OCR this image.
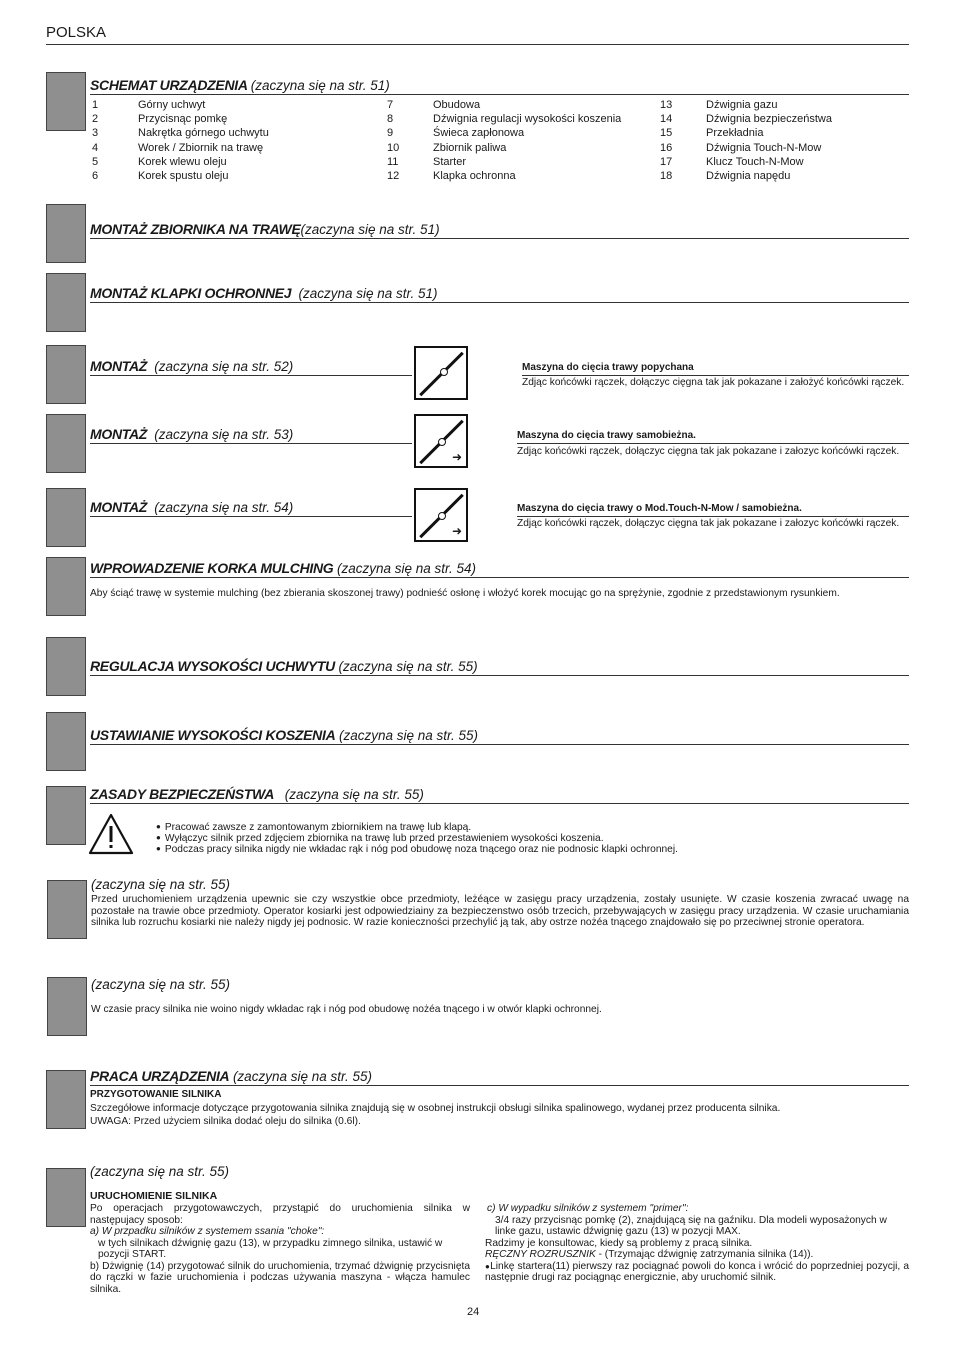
POLSKA
SCHEMAT URZĄDZENIA (zaczyna się na str. 51)
1	Górny uchwyt
2	Przycisnąc pomkę
3	Nakrętka górnego uchwytu
4	Worek / Zbiornik na trawę
5	Korek wlewu oleju
6	Korek spustu oleju
7	Obudowa
8	Dźwignia regulacji wysokości koszenia
9	Świeca zapłonowa
10	Zbiornik paliwa
11	Starter
12	Klapka ochronna
13	Dźwignia gazu
14	Dźwignia bezpieczeństwa
15	Przekładnia
16	Dźwignia Touch-N-Mow
17	Klucz Touch-N-Mow
18	Dźwignia napędu
MONTAŻ ZBIORNIKA NA TRAWĘ(zaczyna się na str. 51)
MONTAŻ KLAPKI OCHRONNEJ (zaczyna się na str. 51)
MONTAŻ (zaczyna się na str. 52)	Maszyna do cięcia trawy popychana
Zdjąc końcówki rączek, dołączyc cięgna tak jak pokazane i założyć końcówki rączek.
MONTAŻ (zaczyna się na str. 53)
➜
Maszyna do cięcia trawy samobieżna.
Zdjąc końcówki rączek, dołączyc cięgna tak jak pokazane i załozyc końcówki rączek.
MONTAŻ (zaczyna się na str. 54)
➜
Maszyna do cięcia trawy o Mod.Touch-N-Mow / samobieżna.
Zdjąc końcówki rączek, dołączyc cięgna tak jak pokazane i załozyc końcówki rączek.
WPROWADZENIE KORKA MULCHING (zaczyna się na str. 54)
Aby ściąć trawę w systemie mulching (bez zbierania skoszonej trawy) podnieść osłonę i włożyć korek mocując go na sprężynie, zgodnie z przedstawionym rysunkiem.
REGULACJA WYSOKOŚCI UCHWYTU (zaczyna się na str. 55)
USTAWIANIE WYSOKOŚCI KOSZENIA (zaczyna się na str. 55)
ZASADY BEZPIECZEŃSTWA (zaczyna się na str. 55)
● Pracować zawsze z zamontowanym zbiornikiem na trawę lub klapą.
● Wyłączyc silnik przed zdjęciem zbiornika na trawę lub przed przestawieniem wysokości koszenia.
● Podczas pracy silnika nigdy nie wkładac rąk i nóg pod obudowę noza tnącego oraz nie podnosic klapki ochronnej.
(zaczyna się na str. 55)
Przed uruchomieniem urządzenia upewnic sie czy wszystkie obce przedmioty, leżéące w zasięgu pracy urządzenia, zostały usunięte. W czasie koszenia zwracać uwagę na pozostałe na trawie obce przedmioty. Operator kosiarki jest odpowiedziainy za bezpieczenstwo osób trzecich, przebywających w zasięgu pracy urządzenia. W czasie uruchamiania silnika lub rozruchu kosiarki nie należy nigdy jej podnosic. W razie konieczności przechylić ją tak, aby ostrze nożéa tnącego znajdowało się po przeciwnej stronie operatora.
(zaczyna się na str. 55)
W czasie pracy silnika nie woino nigdy wkładac rąk i nóg pod obudowę nożéa tnącego i w otwór klapki ochronnej.
PRACA URZĄDZENIA (zaczyna się na str. 55)
PRZYGOTOWANIE SILNIKA
Szczegółowe informacje dotyczące przygotowania silnika znajdują się w osobnej instrukcji obsługi silnika spalinowego, wydanej przez producenta silnika.
UWAGA: Przed użyciem silnika dodać oleju do silnika (0.6l).
(zaczyna się na str. 55)
URUCHOMIENIE SILNIKA
Po operacjach przygotowawczych, przystąpić do uruchomienia silnika w następujacy sposob:
a) W przpadku silników z systemem ssania "choke":
w tych silnikach dźwignię gazu (13), w przypadku zimnego silnika, ustawić w pozycji START.
b) Dżwignię (14) przygotować silnik do uruchomienia, trzymać dżwignię przycisnięta do rączki w fazie uruchomienia i podczas używania maszyna - włącza hamulec silnika.
c) W wypadku silników z systemem "primer":
3/4 razy przycisnąc pomkę (2), znajdującą się na gaźniku. Dla modeli wyposażonych w linke gazu, ustawic dźwignię gazu (13) w pozycji MAX.
Radzimy je konsultowac, kiedy są problemy z pracą silnika.
RĘCZNY ROZRUSZNIK - (Trzymając dźwignię zatrzymania silnika (14)).
●Linkę startera(11) pierwszy raz pociągnać powoli do konca i wrócić do poprzedniej pozycji, a następnie drugi raz pociągnąc energicznie, aby uruchomić silnik.
24
